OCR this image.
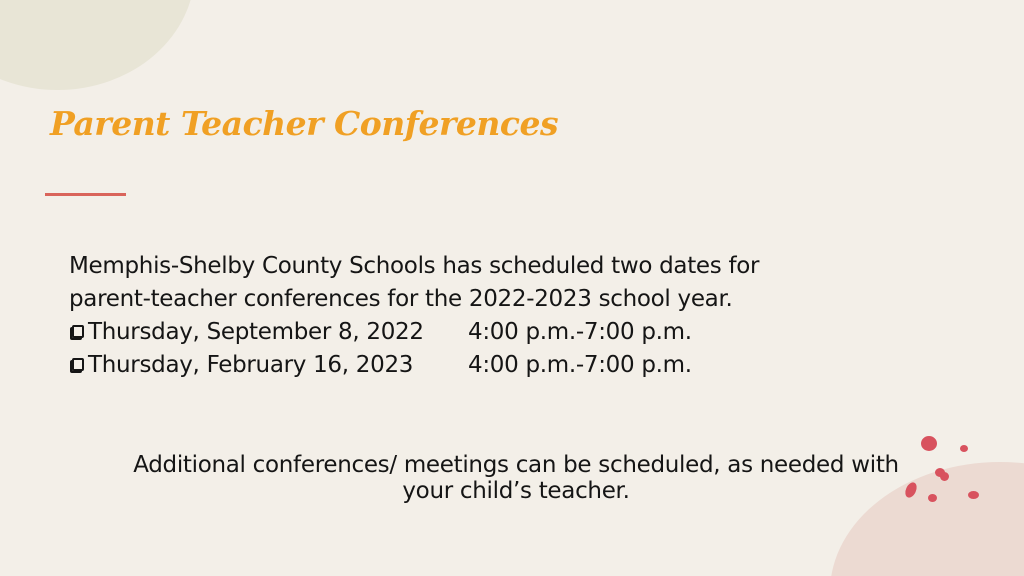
Parent Teacher Conferences

Memphis-Shelby County Schools has scheduled two dates for
parent-teacher conferences for the 2022-2023 school year.

Thursday, September 8, 2022 4:00 p.m.-7:00 p.m.
Thursday, February 16, 2023 4:00 p.m.-7:00 p.m.

Additional conferences/ meetings can be scheduled, as needed with
your child’s teacher.
